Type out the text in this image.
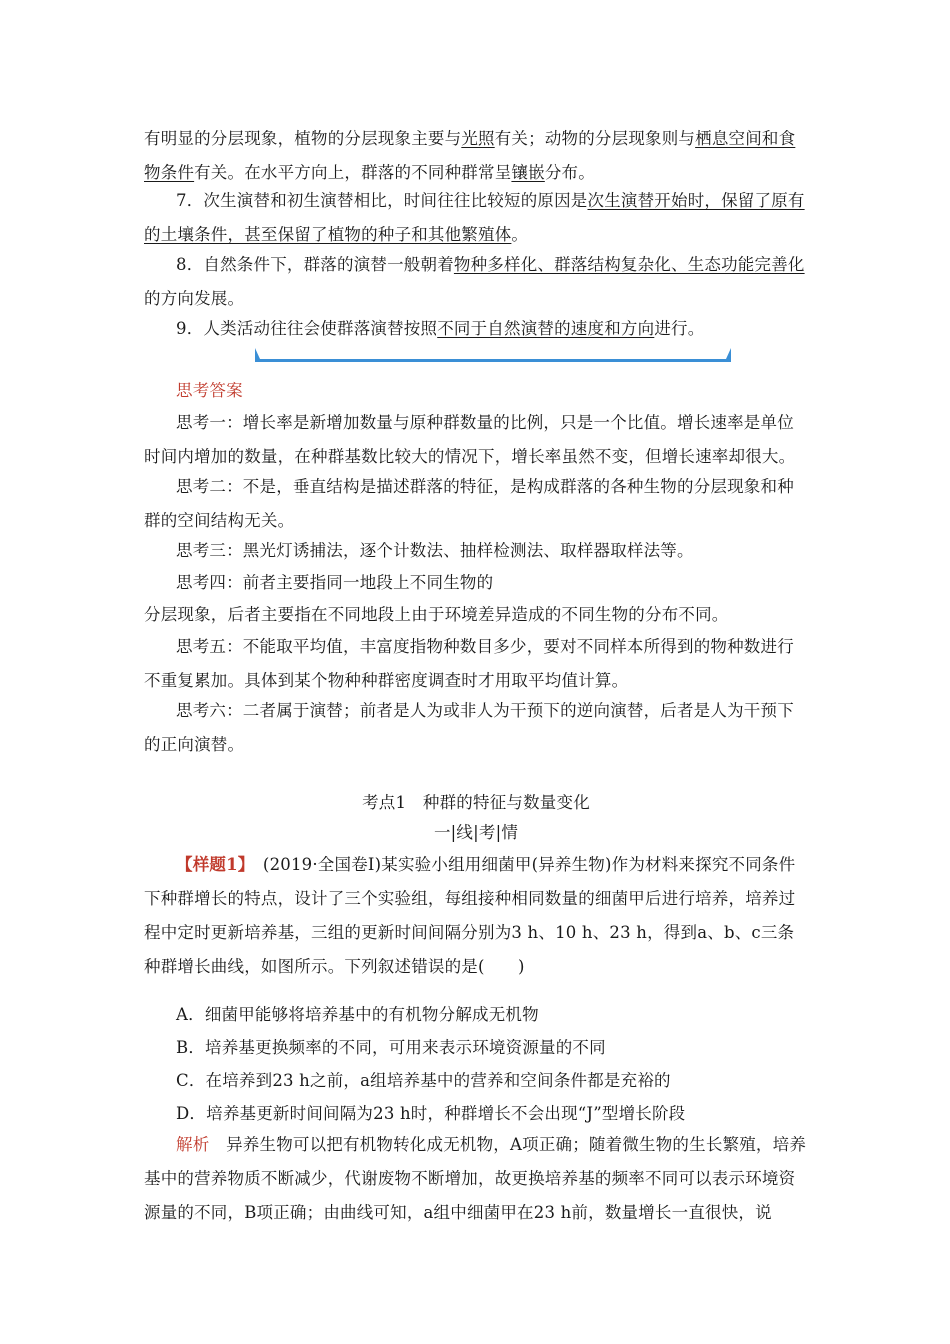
有明显的分层现象，植物的分层现象主要与光照有关；动物的分层现象则与栖息空间和食
物条件有关。在水平方向上，群落的不同种群常呈镶嵌分布。
7．次生演替和初生演替相比，时间往往比较短的原因是次生演替开始时，保留了原有
的土壤条件，甚至保留了植物的种子和其他繁殖体。
8．自然条件下，群落的演替一般朝着物种多样化、群落结构复杂化、生态功能完善化
的方向发展。
9．人类活动往往会使群落演替按照不同于自然演替的速度和方向进行。
思考答案
思考一：增长率是新增加数量与原种群数量的比例，只是一个比值。增长速率是单位时间内增加的数量，在种群基数比较大的情况下，增长率虽然不变，但增长速率却很大。
思考二：不是，垂直结构是描述群落的特征，是构成群落的各种生物的分层现象和种群的空间结构无关。
思考三：黑光灯诱捕法，逐个计数法、抽样检测法、取样器取样法等。
思考四：前者主要指同一地段上不同生物的
分层现象，后者主要指在不同地段上由于环境差异造成的不同生物的分布不同。
思考五：不能取平均值，丰富度指物种数目多少，要对不同样本所得到的物种数进行不重复累加。具体到某个物种种群密度调查时才用取平均值计算。
思考六：二者属于演替；前者是人为或非人为干预下的逆向演替，后者是人为干预下的正向演替。
考点1　种群的特征与数量变化
一|线|考|情
【样题1】　(2019·全国卷Ⅰ)某实验小组用细菌甲(异养生物)作为材料来探究不同条件下种群增长的特点，设计了三个实验组，每组接种相同数量的细菌甲后进行培养，培养过程中定时更新培养基，三组的更新时间间隔分别为3 h、10 h、23 h，得到a、b、c三条种群增长曲线，如图所示。下列叙述错误的是(　　)
A．细菌甲能够将培养基中的有机物分解成无机物
B．培养基更换频率的不同，可用来表示环境资源量的不同
C．在培养到23 h之前，a组培养基中的营养和空间条件都是充裕的
D．培养基更新时间间隔为23 h时，种群增长不会出现“J”型增长阶段
解析　异养生物可以把有机物转化成无机物，A项正确；随着微生物的生长繁殖，培养基中的营养物质不断减少，代谢废物不断增加，故更换培养基的频率不同可以表示环境资源量的不同，B项正确；由曲线可知，a组中细菌甲在23 h前，数量增长一直很快，说
